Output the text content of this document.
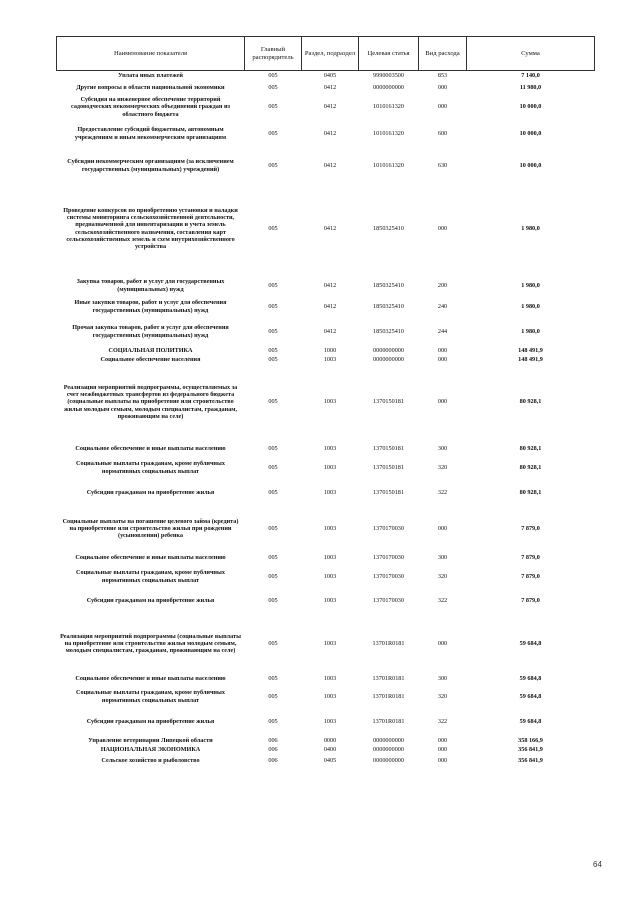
Наименование показателя	Главный распорядитель	Раздел, подраздел	Целевая статья	Вид расхода	Сумма
Уплата иных платежей	005	0405	9990003500	853	7 140,0
Другие вопросы в области национальной экономики	005	0412	0000000000	000	11 980,0
Субсидия на инженерное обеспечение территорий садоводческих некоммерческих объединений граждан из областного бюджета	005	0412	1010161320	000	10 000,0
Предоставление субсидий бюджетным, автономным учреждениям и иным некоммерческим организациям	005	0412	1010161320	600	10 000,0
Субсидии некоммерческим организациям (за исключением государственных (муниципальных) учреждений)	005	0412	1010161320	630	10 000,0
Проведение конкурсов по приобретению установки и наладки системы мониторинга сельскохозяйственной деятельности, предназначенной для инвентаризации и учета земель сельскохозяйственного назначения, составления карт сельскохозяйственных земель и схем внутрихозяйственного устройства	005	0412	1850325410	000	1 980,0
Закупка товаров, работ и услуг для государственных (муниципальных) нужд	005	0412	1850325410	200	1 980,0
Иные закупки товаров, работ и услуг для обеспечения государственных (муниципальных) нужд	005	0412	1850325410	240	1 980,0
Прочая закупка товаров, работ и услуг для обеспечения государственных (муниципальных) нужд	005	0412	1850325410	244	1 980,0
СОЦИАЛЬНАЯ ПОЛИТИКА	005	1000	0000000000	000	148 491,9
Социальное обеспечение населения	005	1003	0000000000	000	148 491,9
Реализация мероприятий подпрограммы, осуществляемых за счет межбюджетных трансфертов из федерального бюджета (социальные выплаты на приобретение или строительство жилья молодым семьям, молодым специалистам, гражданам, проживающим на селе)	005	1003	1370150181	000	80 928,1
Социальное обеспечение и иные выплаты населению	005	1003	1370150181	300	80 928,1
Социальные выплаты гражданам, кроме публичных нормативных социальных выплат	005	1003	1370150181	320	80 928,1
Субсидии гражданам на приобретение жилья	005	1003	1370150181	322	80 928,1
Социальные выплаты на погашение целевого займа (кредита) на приобретение или строительство жилья при рождении (усыновлении) ребенка	005	1003	1370170030	000	7 879,0
Социальное обеспечение и иные выплаты населению	005	1003	1370170030	300	7 879,0
Социальные выплаты гражданам, кроме публичных нормативных социальных выплат	005	1003	1370170030	320	7 879,0
Субсидии гражданам на приобретение жилья	005	1003	1370170030	322	7 879,0
Реализация мероприятий подпрограммы (социальные выплаты на приобретение или строительство жилья молодым семьям, молодым специалистам, гражданам, проживающим на селе)	005	1003	13701R0181	000	59 684,8
Социальное обеспечение и иные выплаты населению	005	1003	13701R0181	300	59 684,8
Социальные выплаты гражданам, кроме публичных нормативных социальных выплат	005	1003	13701R0181	320	59 684,8
Субсидии гражданам на приобретение жилья	005	1003	13701R0181	322	59 684,8
Управление ветеринарии Липецкой области	006	0000	0000000000	000	358 166,9
НАЦИОНАЛЬНАЯ ЭКОНОМИКА	006	0400	0000000000	000	356 841,9
Сельское хозяйство и рыболовство	006	0405	0000000000	000	356 841,9
64
